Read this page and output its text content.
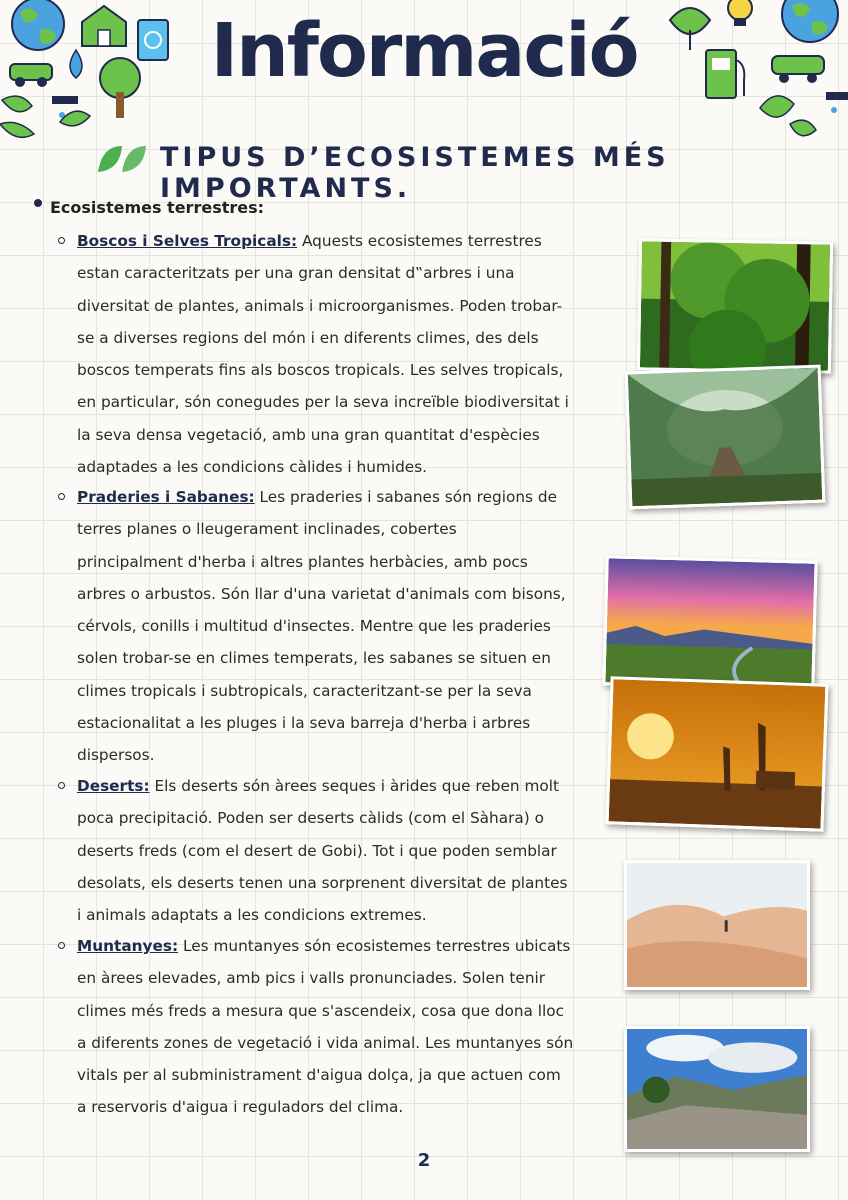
Informació
TIPUS D’ECOSISTEMES MÉS IMPORTANTS.
Ecosistemes terrestres:
Boscos i Selves Tropicals: Aquests ecosistemes terrestres
estan caracteritzats per una gran densitat d‟arbres i una
diversitat de plantes, animals i microorganismes. Poden trobar-
se a diverses regions del món i en diferents climes, des dels
boscos temperats fins als boscos tropicals. Les selves tropicals,
en particular, són conegudes per la seva increïble biodiversitat i
la seva densa vegetació, amb una gran quantitat d'espècies
adaptades a les condicions càlides i humides.
Praderies i Sabanes: Les praderies i sabanes són regions de
terres planes o lleugerament inclinades, cobertes
principalment d'herba i altres plantes herbàcies, amb pocs
arbres o arbustos. Són llar d'una varietat d'animals com bisons,
cérvols, conills i multitud d'insectes. Mentre que les praderies
solen trobar-se en climes temperats, les sabanes se situen en
climes tropicals i subtropicals, caracteritzant-se per la seva
estacionalitat a les pluges i la seva barreja d'herba i arbres
dispersos.
Deserts: Els deserts són àrees seques i àrides que reben molt
poca precipitació. Poden ser deserts càlids (com el Sàhara) o
deserts freds (com el desert de Gobi). Tot i que poden semblar
desolats, els deserts tenen una sorprenent diversitat de plantes
i animals adaptats a les condicions extremes.
Muntanyes: Les muntanyes són ecosistemes terrestres ubicats
en àrees elevades, amb pics i valls pronunciades. Solen tenir
climes més freds a mesura que s'ascendeix, cosa que dona lloc
a diferents zones de vegetació i vida animal. Les muntanyes són
vitals per al subministrament d'aigua dolça, ja que actuen com
a reservoris d'aigua i reguladors del clima.
2
